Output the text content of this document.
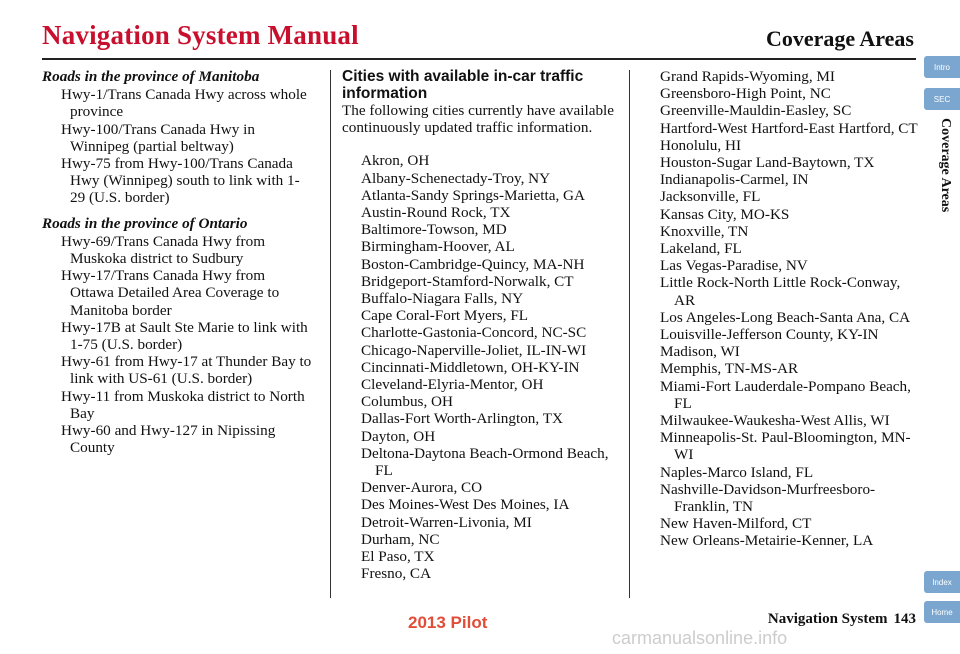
Navigation System Manual	Coverage Areas
Roads in the province of Manitoba
Hwy-1/Trans Canada Hwy across whole province
Hwy-100/Trans Canada Hwy in Winnipeg (partial beltway)
Hwy-75 from Hwy-100/Trans Canada Hwy (Winnipeg) south to link with 1-29 (U.S. border)
Roads in the province of Ontario
Hwy-69/Trans Canada Hwy from Muskoka district to Sudbury
Hwy-17/Trans Canada Hwy from Ottawa Detailed Area Coverage to Manitoba border
Hwy-17B at Sault Ste Marie to link with 1-75 (U.S. border)
Hwy-61 from Hwy-17 at Thunder Bay to link with US-61 (U.S. border)
Hwy-11 from Muskoka district to North Bay
Hwy-60 and Hwy-127 in Nipissing County
Cities with available in-car traffic information
The following cities currently have available continuously updated traffic information.
Akron, OH
Albany-Schenectady-Troy, NY
Atlanta-Sandy Springs-Marietta, GA
Austin-Round Rock, TX
Baltimore-Towson, MD
Birmingham-Hoover, AL
Boston-Cambridge-Quincy, MA-NH
Bridgeport-Stamford-Norwalk, CT
Buffalo-Niagara Falls, NY
Cape Coral-Fort Myers, FL
Charlotte-Gastonia-Concord, NC-SC
Chicago-Naperville-Joliet, IL-IN-WI
Cincinnati-Middletown, OH-KY-IN
Cleveland-Elyria-Mentor, OH
Columbus, OH
Dallas-Fort Worth-Arlington, TX
Dayton, OH
Deltona-Daytona Beach-Ormond Beach, FL
Denver-Aurora, CO
Des Moines-West Des Moines, IA
Detroit-Warren-Livonia, MI
Durham, NC
El Paso, TX
Fresno, CA
Grand Rapids-Wyoming, MI
Greensboro-High Point, NC
Greenville-Mauldin-Easley, SC
Hartford-West Hartford-East Hartford, CT
Honolulu, HI
Houston-Sugar Land-Baytown, TX
Indianapolis-Carmel, IN
Jacksonville, FL
Kansas City, MO-KS
Knoxville, TN
Lakeland, FL
Las Vegas-Paradise, NV
Little Rock-North Little Rock-Conway, AR
Los Angeles-Long Beach-Santa Ana, CA
Louisville-Jefferson County, KY-IN
Madison, WI
Memphis, TN-MS-AR
Miami-Fort Lauderdale-Pompano Beach, FL
Milwaukee-Waukesha-West Allis, WI
Minneapolis-St. Paul-Bloomington, MN-WI
Naples-Marco Island, FL
Nashville-Davidson-Murfreesboro-Franklin, TN
New Haven-Milford, CT
New Orleans-Metairie-Kenner, LA
Intro
SEC
Coverage Areas
Index
Home
Navigation System 143
2013 Pilot
carmanualsonline.info
